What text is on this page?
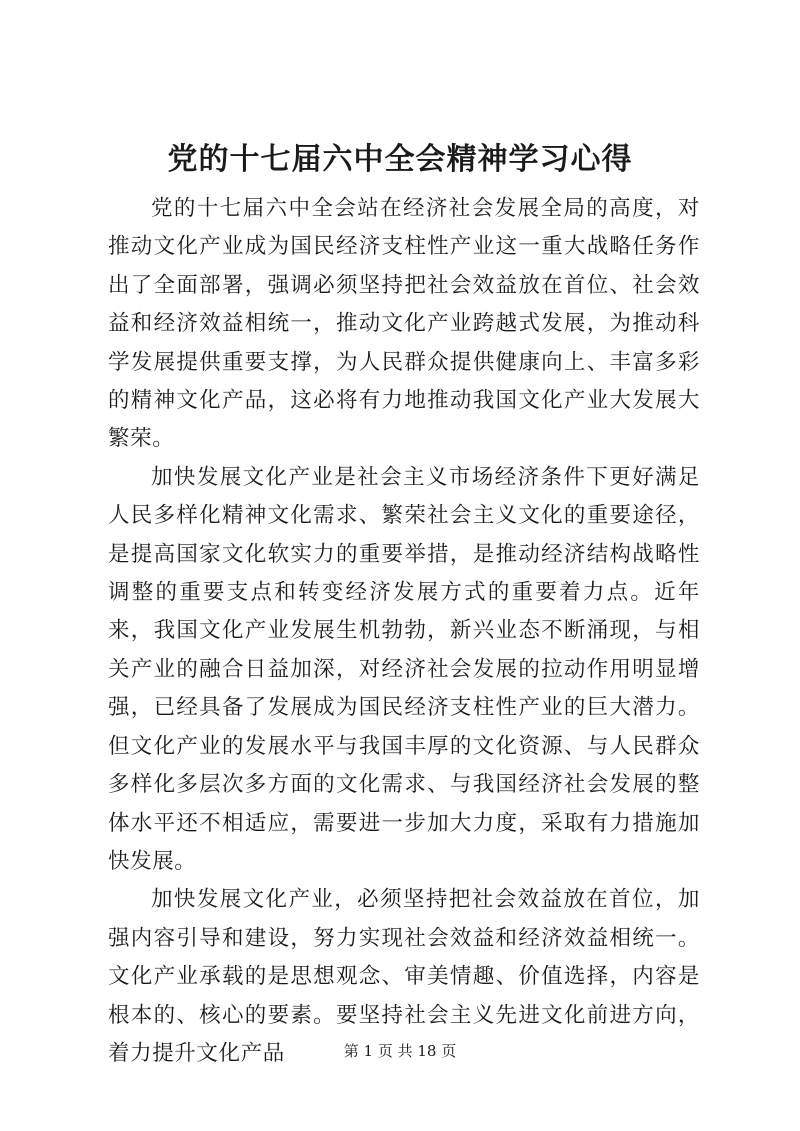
党的十七届六中全会精神学习心得

党的十七届六中全会站在经济社会发展全局的高度，对推动文化产业成为国民经济支柱性产业这一重大战略任务作出了全面部署，强调必须坚持把社会效益放在首位、社会效益和经济效益相统一，推动文化产业跨越式发展，为推动科学发展提供重要支撑，为人民群众提供健康向上、丰富多彩的精神文化产品，这必将有力地推动我国文化产业大发展大繁荣。

加快发展文化产业是社会主义市场经济条件下更好满足人民多样化精神文化需求、繁荣社会主义文化的重要途径，是提高国家文化软实力的重要举措，是推动经济结构战略性调整的重要支点和转变经济发展方式的重要着力点。近年来，我国文化产业发展生机勃勃，新兴业态不断涌现，与相关产业的融合日益加深，对经济社会发展的拉动作用明显增强，已经具备了发展成为国民经济支柱性产业的巨大潜力。但文化产业的发展水平与我国丰厚的文化资源、与人民群众多样化多层次多方面的文化需求、与我国经济社会发展的整体水平还不相适应，需要进一步加大力度，采取有力措施加快发展。

加快发展文化产业，必须坚持把社会效益放在首位，加强内容引导和建设，努力实现社会效益和经济效益相统一。文化产业承载的是思想观念、审美情趣、价值选择，内容是根本的、核心的要素。要坚持社会主义先进文化前进方向，着力提升文化产品	第 1 页 共 18 页
